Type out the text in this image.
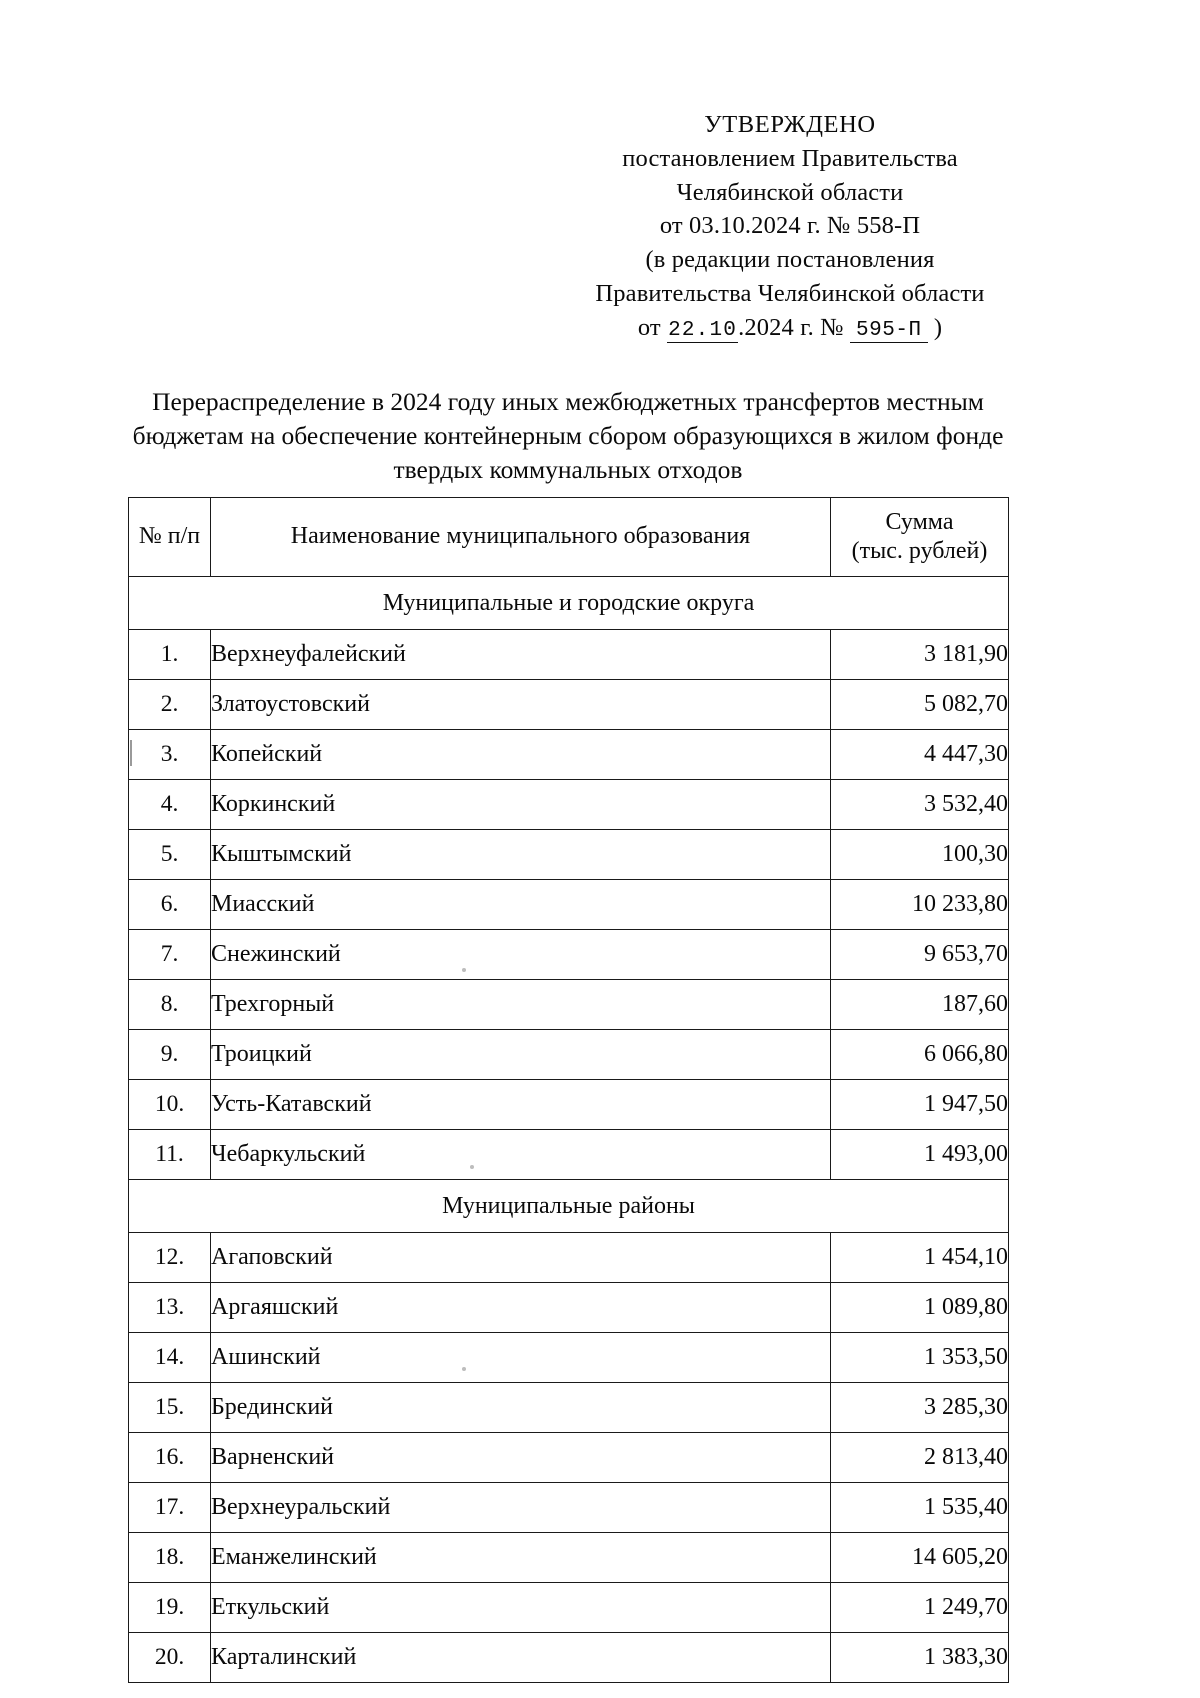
УТВЕРЖДЕНО
постановлением Правительства
Челябинской области
от 03.10.2024 г. № 558-П
(в редакции постановления
Правительства Челябинской области
от 22.10.2024 г. № 595-П )
Перераспределение в 2024 году иных межбюджетных трансфертов местным
бюджетам на обеспечение контейнерным сбором образующихся в жилом фонде
твердых коммунальных отходов
№ п/п	Наименование муниципального образования	Сумма
(тыс. рублей)

Муниципальные и городские округа		
1.	Верхнеуфалейский	3 181,90
2.	Златоустовский	5 082,70
3.	Копейский	4 447,30
4.	Коркинский	3 532,40
5.	Кыштымский	100,30
6.	Миасский	10 233,80
7.	Снежинский	9 653,70
8.	Трехгорный	187,60
9.	Троицкий	6 066,80
10.	Усть-Катавский	1 947,50
11.	Чебаркульский	1 493,00
Муниципальные районы		
12.	Агаповский	1 454,10
13.	Аргаяшский	1 089,80
14.	Ашинский	1 353,50
15.	Брединский	3 285,30
16.	Варненский	2 813,40
17.	Верхнеуральский	1 535,40
18.	Еманжелинский	14 605,20
19.	Еткульский	1 249,70
20.	Карталинский	1 383,30
